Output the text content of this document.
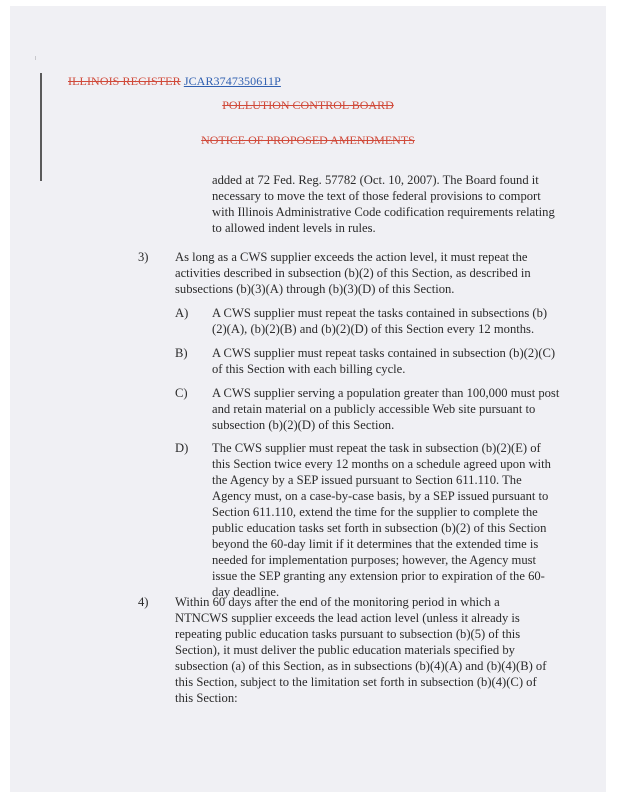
ILLINOIS REGISTER JCAR3747350611P
POLLUTION CONTROL BOARD
NOTICE OF PROPOSED AMENDMENTS
added at 72 Fed. Reg. 57782 (Oct. 10, 2007). The Board found it necessary to move the text of those federal provisions to comport with Illinois Administrative Code codification requirements relating to allowed indent levels in rules.
3) As long as a CWS supplier exceeds the action level, it must repeat the activities described in subsection (b)(2) of this Section, as described in subsections (b)(3)(A) through (b)(3)(D) of this Section.
A) A CWS supplier must repeat the tasks contained in subsections (b)(2)(A), (b)(2)(B) and (b)(2)(D) of this Section every 12 months.
B) A CWS supplier must repeat tasks contained in subsection (b)(2)(C) of this Section with each billing cycle.
C) A CWS supplier serving a population greater than 100,000 must post and retain material on a publicly accessible Web site pursuant to subsection (b)(2)(D) of this Section.
D) The CWS supplier must repeat the task in subsection (b)(2)(E) of this Section twice every 12 months on a schedule agreed upon with the Agency by a SEP issued pursuant to Section 611.110. The Agency must, on a case-by-case basis, by a SEP issued pursuant to Section 611.110, extend the time for the supplier to complete the public education tasks set forth in subsection (b)(2) of this Section beyond the 60-day limit if it determines that the extended time is needed for implementation purposes; however, the Agency must issue the SEP granting any extension prior to expiration of the 60-day deadline.
4) Within 60 days after the end of the monitoring period in which a NTNCWS supplier exceeds the lead action level (unless it already is repeating public education tasks pursuant to subsection (b)(5) of this Section), it must deliver the public education materials specified by subsection (a) of this Section, as in subsections (b)(4)(A) and (b)(4)(B) of this Section, subject to the limitation set forth in subsection (b)(4)(C) of this Section:
